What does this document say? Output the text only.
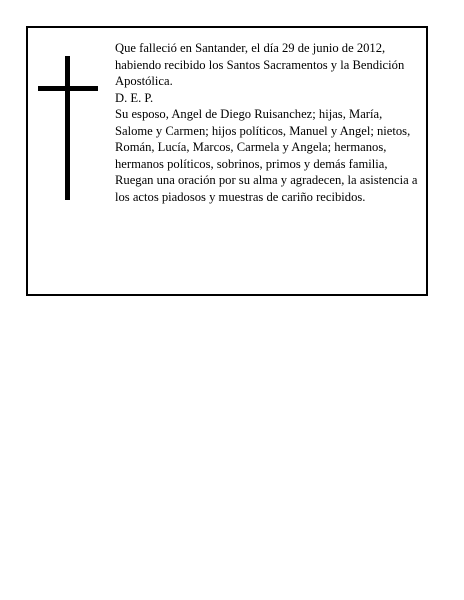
Que falleció en Santander, el día 29 de junio de 2012, habiendo recibido los Santos Sacramentos y la Bendición Apostólica.

D. E. P.

Su esposo, Angel de Diego Ruisanchez; hijas, María, Salome y Carmen; hijos políticos, Manuel y Angel; nietos, Román, Lucía, Marcos, Carmela y Angela; hermanos, hermanos políticos, sobrinos, primos y demás familia,

Ruegan una oración por su alma y agradecen, la asistencia a los actos piadosos y muestras de cariño recibidos.
